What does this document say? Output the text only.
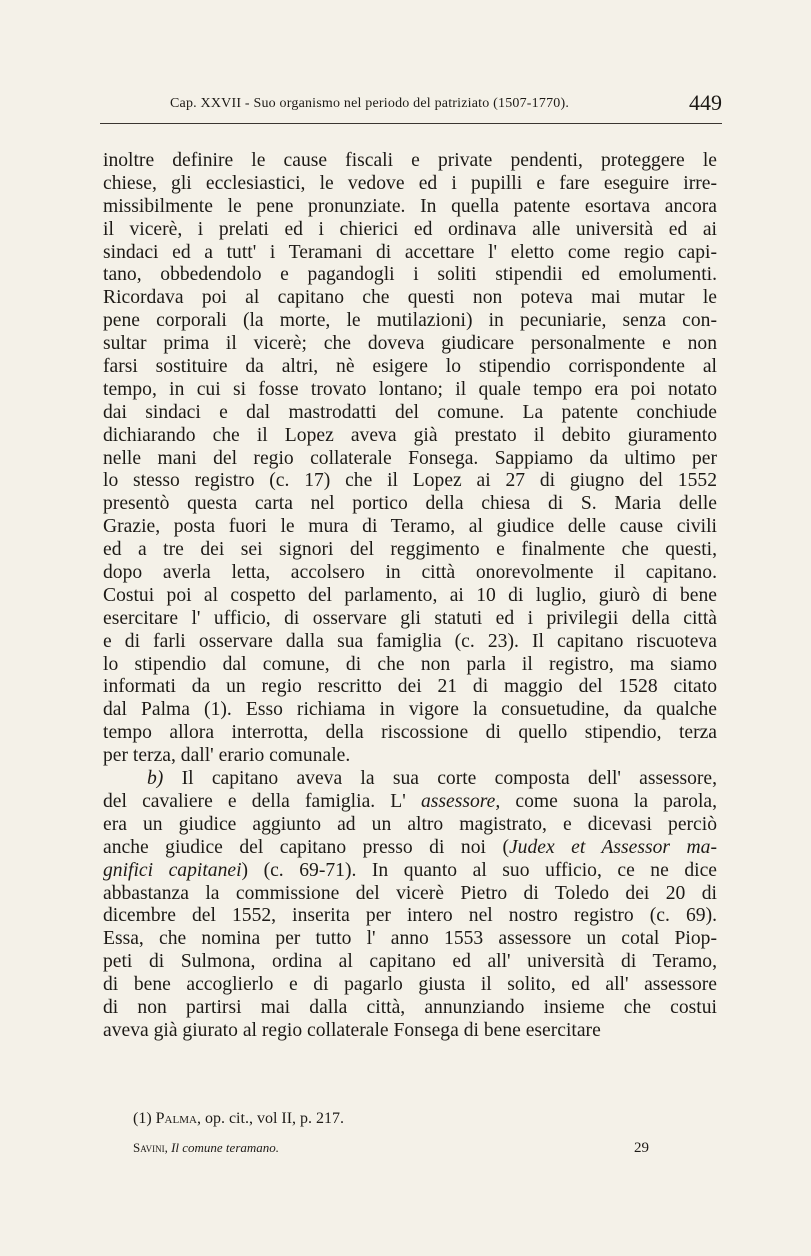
Cap. XXVII - Suo organismo nel periodo del patriziato (1507-1770).	449
inoltre definire le cause fiscali e private pendenti, proteggere le
chiese, gli ecclesiastici, le vedove ed i pupilli e fare eseguire irre-
missibilmente le pene pronunziate. In quella patente esortava ancora
il vicerè, i prelati ed i chierici ed ordinava alle università ed ai
sindaci ed a tutt' i Teramani di accettare l' eletto come regio capi-
tano, obbedendolo e pagandogli i soliti stipendii ed emolumenti.
Ricordava poi al capitano che questi non poteva mai mutar le
pene corporali (la morte, le mutilazioni) in pecuniarie, senza con-
sultar prima il vicerè; che doveva giudicare personalmente e non
farsi sostituire da altri, nè esigere lo stipendio corrispondente al
tempo, in cui si fosse trovato lontano; il quale tempo era poi notato
dai sindaci e dal mastrodatti del comune. La patente conchiude
dichiarando che il Lopez aveva già prestato il debito giuramento
nelle mani del regio collaterale Fonsega. Sappiamo da ultimo per
lo stesso registro (c. 17) che il Lopez ai 27 di giugno del 1552
presentò questa carta nel portico della chiesa di S. Maria delle
Grazie, posta fuori le mura di Teramo, al giudice delle cause civili
ed a tre dei sei signori del reggimento e finalmente che questi,
dopo averla letta, accolsero in città onorevolmente il capitano.
Costui poi al cospetto del parlamento, ai 10 di luglio, giurò di bene
esercitare l' ufficio, di osservare gli statuti ed i privilegii della città
e di farli osservare dalla sua famiglia (c. 23). Il capitano riscuoteva
lo stipendio dal comune, di che non parla il registro, ma siamo
informati da un regio rescritto dei 21 di maggio del 1528 citato
dal Palma (1). Esso richiama in vigore la consuetudine, da qualche
tempo allora interrotta, della riscossione di quello stipendio, terza
per terza, dall' erario comunale.
b) Il capitano aveva la sua corte composta dell' assessore,
del cavaliere e della famiglia. L' assessore, come suona la parola,
era un giudice aggiunto ad un altro magistrato, e dicevasi perciò
anche giudice del capitano presso di noi (Judex et Assessor ma-
gnifici capitanei) (c. 69-71). In quanto al suo ufficio, ce ne dice
abbastanza la commissione del vicerè Pietro di Toledo dei 20 di
dicembre del 1552, inserita per intero nel nostro registro (c. 69).
Essa, che nomina per tutto l' anno 1553 assessore un cotal Piop-
peti di Sulmona, ordina al capitano ed all' università di Teramo,
di bene accoglierlo e di pagarlo giusta il solito, ed all' assessore
di non partirsi mai dalla città, annunziando insieme che costui
aveva già giurato al regio collaterale Fonsega di bene esercitare
(1) Palma, op. cit., vol II, p. 217.
Savini, Il comune teramano.	29
